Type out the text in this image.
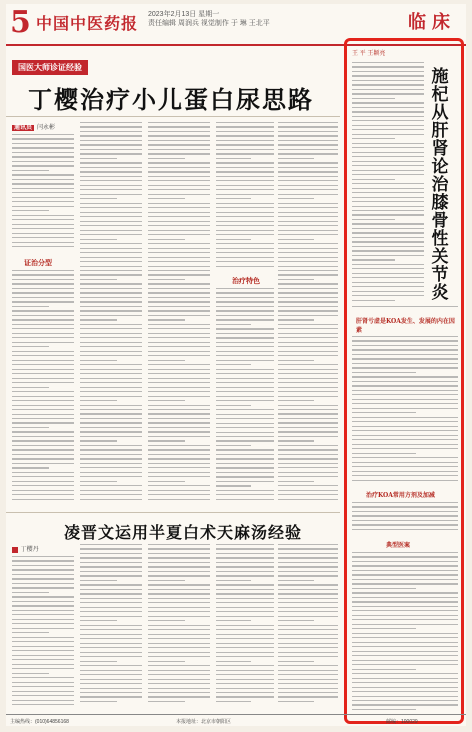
5 中国中医药报 2023年2月13日 星期一
责任编辑 周润兵 视觉制作 于 琳 王北平	临床
国医大师诊证经验
丁樱治疗小儿蛋白尿思路
通讯员 闫永彬
证治分型
治疗特色
凌晋文运用半夏白术天麻汤经验
丁樱丹
王 平 王颖亮
施杞从肝肾论治膝骨性关节炎
肝肾亏虚是KOA发生、发展的内在因素
治疗KOA常用方剂及加减
典型医案
主编热线：(010)64856168	本报地址：北京市朝阳区	邮编：100029
